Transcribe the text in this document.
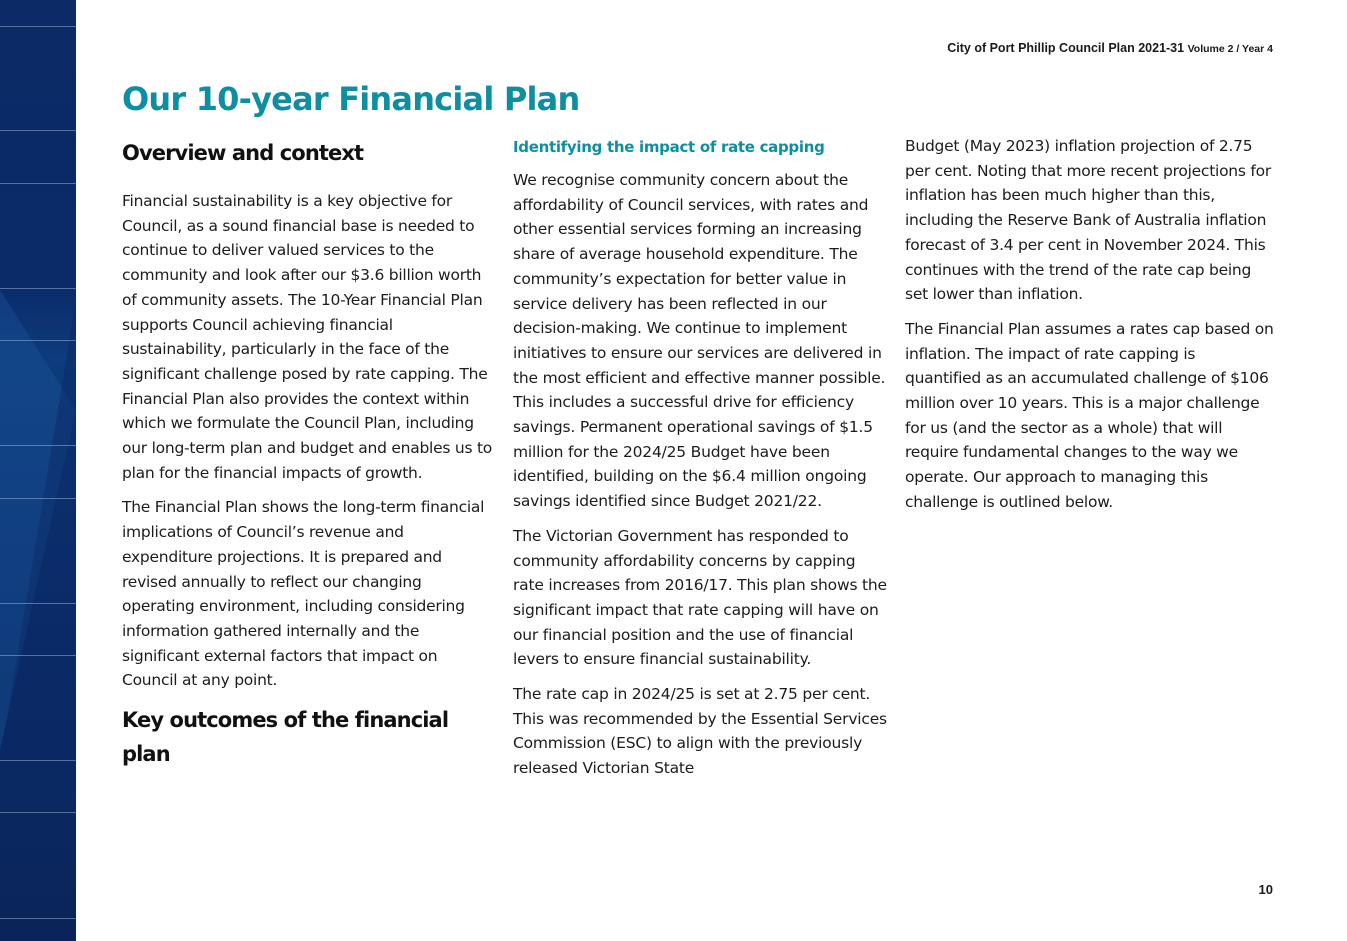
City of Port Phillip Council Plan 2021-31 Volume 2 / Year 4
Our 10-year Financial Plan
Overview and context

Financial sustainability is a key objective for Council, as a sound financial base is needed to continue to deliver valued services to the community and look after our $3.6 billion worth of community assets. The 10-Year Financial Plan supports Council achieving financial sustainability, particularly in the face of the significant challenge posed by rate capping. The Financial Plan also provides the context within which we formulate the Council Plan, including our long-term plan and budget and enables us to plan for the financial impacts of growth.

The Financial Plan shows the long-term financial implications of Council’s revenue and expenditure projections. It is prepared and revised annually to reflect our changing operating environment, including considering information gathered internally and the significant external factors that impact on Council at any point.

Key outcomes of the financial plan
Identifying the impact of rate capping

We recognise community concern about the affordability of Council services, with rates and other essential services forming an increasing share of average household expenditure. The community’s expectation for better value in service delivery has been reflected in our decision-making. We continue to implement initiatives to ensure our services are delivered in the most efficient and effective manner possible. This includes a successful drive for efficiency savings. Permanent operational savings of $1.5 million for the 2024/25 Budget have been identified, building on the $6.4 million ongoing savings identified since Budget 2021/22.

The Victorian Government has responded to community affordability concerns by capping rate increases from 2016/17. This plan shows the significant impact that rate capping will have on our financial position and the use of financial levers to ensure financial sustainability.

The rate cap in 2024/25 is set at 2.75 per cent. This was recommended by the Essential Services Commission (ESC) to align with the previously released Victorian State

Budget (May 2023) inflation projection of 2.75 per cent. Noting that more recent projections for inflation has been much higher than this, including the Reserve Bank of Australia inflation forecast of 3.4 per cent in November 2024. This continues with the trend of the rate cap being set lower than inflation.

The Financial Plan assumes a rates cap based on inflation. The impact of rate capping is quantified as an accumulated challenge of $106 million over 10 years. This is a major challenge for us (and the sector as a whole) that will require fundamental changes to the way we operate. Our approach to managing this challenge is outlined below.

10
